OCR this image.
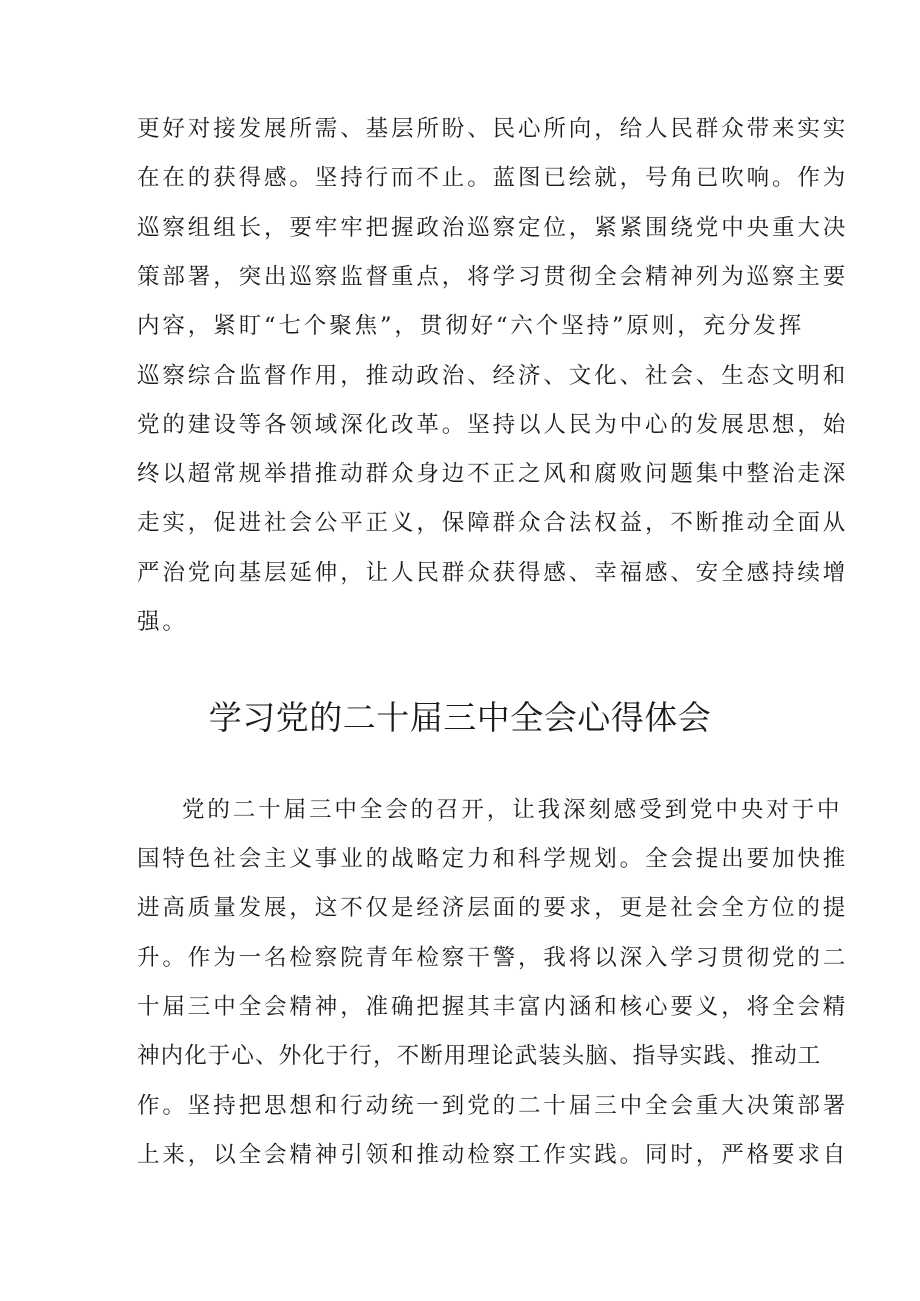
更好对接发展所需、基层所盼、民心所向，给人民群众带来实实
在在的获得感。坚持行而不止。蓝图已绘就，号角已吹响。作为
巡察组组长，要牢牢把握政治巡察定位，紧紧围绕党中央重大决
策部署，突出巡察监督重点，将学习贯彻全会精神列为巡察主要
内容，紧盯“七个聚焦”，贯彻好“六个坚持”原则，充分发挥
巡察综合监督作用，推动政治、经济、文化、社会、生态文明和
党的建设等各领域深化改革。坚持以人民为中心的发展思想，始
终以超常规举措推动群众身边不正之风和腐败问题集中整治走深
走实，促进社会公平正义，保障群众合法权益，不断推动全面从
严治党向基层延伸，让人民群众获得感、幸福感、安全感持续增
强。
学习党的二十届三中全会心得体会
党的二十届三中全会的召开，让我深刻感受到党中央对于中
国特色社会主义事业的战略定力和科学规划。全会提出要加快推
进高质量发展，这不仅是经济层面的要求，更是社会全方位的提
升。作为一名检察院青年检察干警，我将以深入学习贯彻党的二
十届三中全会精神，准确把握其丰富内涵和核心要义，将全会精
神内化于心、外化于行，不断用理论武装头脑、指导实践、推动工
作。坚持把思想和行动统一到党的二十届三中全会重大决策部署
上来，以全会精神引领和推动检察工作实践。同时，严格要求自
